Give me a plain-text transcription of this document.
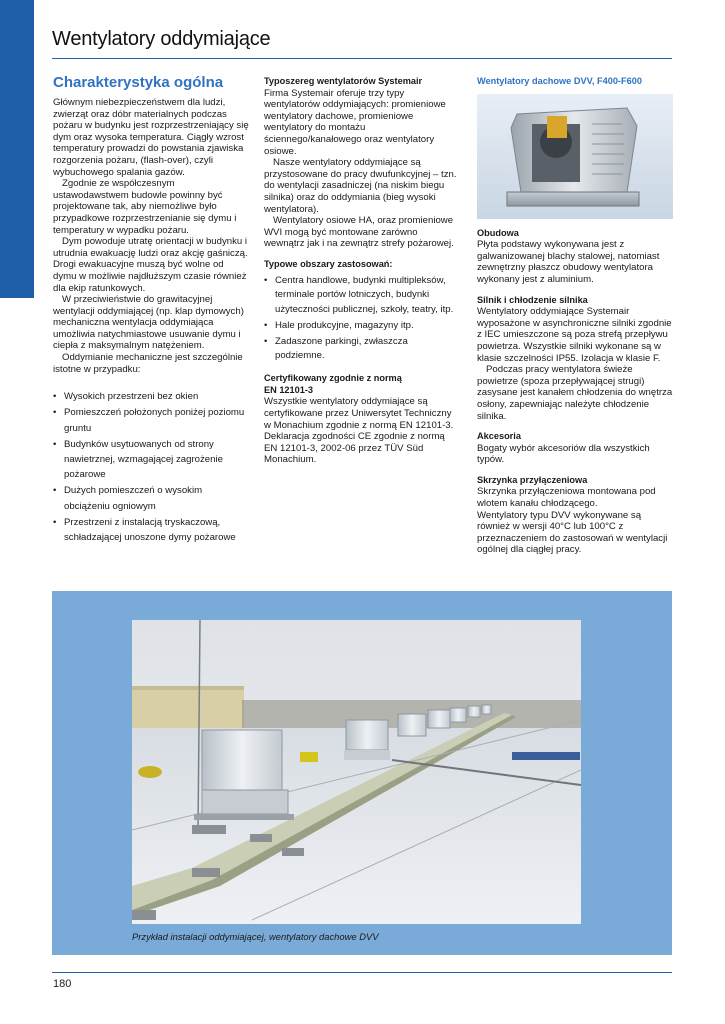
Wentylatory oddymiające
Charakterystyka ogólna

Głównym niebezpieczeństwem dla ludzi, zwierząt oraz dóbr materialnych podczas pożaru w budynku jest rozprzestrzeniający się dym oraz wysoka temperatura. Ciągły wzrost temperatury prowadzi do powstania zjawiska rozgorzenia pożaru, (flash-over), czyli wybuchowego spalania gazów.

Zgodnie ze współczesnym ustawodawstwem budowle powinny być projektowane tak, aby niemożliwe było przypadkowe rozprzestrzenianie się dymu i temperatury w wypadku pożaru.

Dym powoduje utratę orientacji w budynku i utrudnia ewakuację ludzi oraz akcję gaśniczą. Drogi ewakuacyjne muszą być wolne od dymu w możliwie najdłuższym czasie również dla ekip ratunkowych.

W przeciwieństwie do grawitacyjnej wentylacji oddymiającej (np. klap dymowych) mechaniczna wentylacja oddymiająca umożliwia natychmiastowe usuwanie dymu i ciepła z maksymalnym natężeniem.

Oddymianie mechaniczne jest szczególnie istotne w przypadku:

• Wysokich przestrzeni bez okien
• Pomieszczeń położonych poniżej poziomu gruntu
• Budynków usytuowanych od strony nawietrznej, wzmagającej zagrożenie pożarowe
• Dużych pomieszczeń o wysokim obciążeniu ogniowym
• Przestrzeni z instalacją tryskaczową, schładzającej unoszone dymy pożarowe
Typoszereg wentylatorów Systemair

Firma Systemair oferuje trzy typy wentylatorów oddymiających: promieniowe wentylatory dachowe, promieniowe wentylatory do montażu ściennego/kanałowego oraz wentylatory osiowe.

Nasze wentylatory oddymiające są przystosowane do pracy dwufunkcyjnej – tzn. do wentylacji zasadniczej (na niskim biegu silnika) oraz do oddymiania (bieg wysoki wentylatora).

Wentylatory osiowe HA, oraz promieniowe WVI mogą być montowane zarówno wewnątrz jak i na zewnątrz strefy pożarowej.

Typowe obszary zastosowań:
• Centra handlowe, budynki multipleksów, terminale portów lotniczych, budynki użyteczności publicznej, szkoły, teatry, itp.
• Hale produkcyjne, magazyny itp.
• Zadaszone parkingi, zwłaszcza podziemne.
Certyfikowany zgodnie z normą
EN 12101-3

Wszystkie wentylatory oddymiające są certyfikowane przez Uniwersytet Techniczny w Monachium zgodnie z normą EN 12101-3. Deklaracja zgodności CE zgodnie z normą EN 12101-3, 2002-06 przez TÜV Süd Monachium.

Wentylatory dachowe DVV, F400-F600
Obudowa

Płyta podstawy wykonywana jest z galwanizowanej blachy stalowej, natomiast zewnętrzny płaszcz obudowy wentylatora wykonany jest z aluminium.

Silnik i chłodzenie silnika

Wentylatory oddymiające Systemair wyposażone w asynchroniczne silniki zgodnie z IEC umieszczone są poza strefą przepływu powietrza. Wszystkie silniki wykonane są w klasie szczelności IP55. Izolacja w klasie F.

Podczas pracy wentylatora świeże powietrze (spoza przepływającej strugi) zasysane jest kanałem chłodzenia do wnętrza osłony, zapewniając należyte chłodzenie silnika.

Akcesoria

Bogaty wybór akcesoriów dla wszystkich typów.

Skrzynka przyłączeniowa

Skrzynka przyłączeniowa montowana pod wlotem kanału chłodzącego.

Wentylatory typu DVV wykonywane są również w wersji 40°C lub 100°C z przeznaczeniem do zastosowań w wentylacji ogólnej dla ciągłej pracy.

Przykład instalacji oddymiającej, wentylatory dachowe DVV
180
